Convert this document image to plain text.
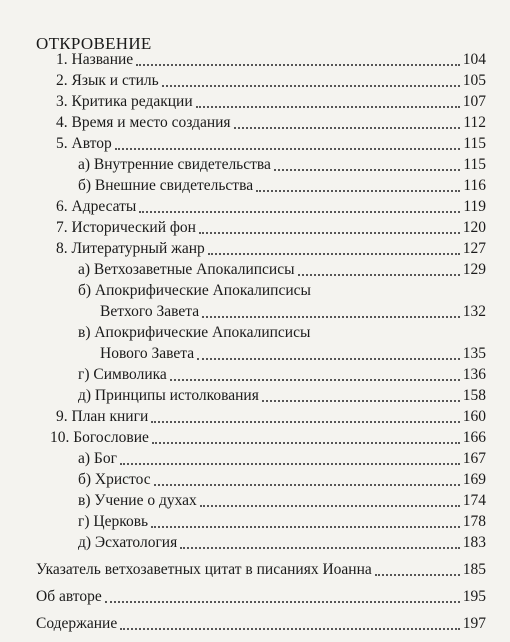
ОТКРОВЕНИЕ
1. Название	104
2. Язык и стиль	105
3. Критика редакции	107
4. Время и место создания	112
5. Автор	115
а) Внутренние свидетельства	115
б) Внешние свидетельства	116
6. Адресаты	119
7. Исторический фон	120
8. Литературный жанр	127
а) Ветхозаветные Апокалипсисы	129
б) Апокрифические Апокалипсисы
Ветхого Завета	132
в) Апокрифические Апокалипсисы
Нового Завета	135
г) Символика	136
д) Принципы истолкования	158
9. План книги	160
10. Богословие	166
а) Бог	167
б) Христос	169
в) Учение о духах	174
г) Церковь	178
д) Эсхатология	183
Указатель ветхозаветных цитат в писаниях Иоанна	185
Об авторе	195
Содержание	197
